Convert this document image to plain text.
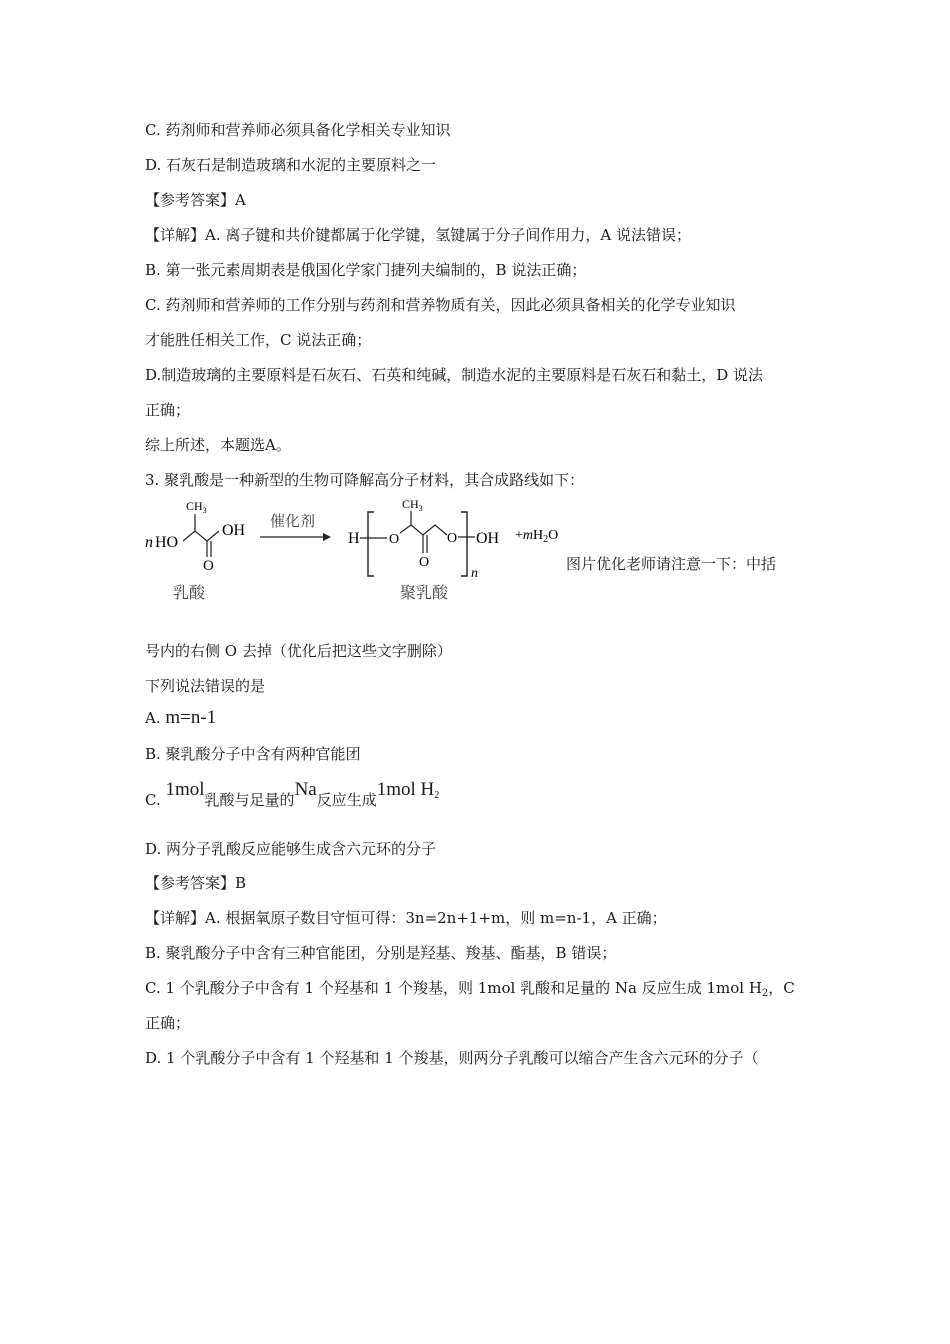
C. 药剂师和营养师必须具备化学相关专业知识
D. 石灰石是制造玻璃和水泥的主要原料之一
【参考答案】A
【详解】A. 离子键和共价键都属于化学键，氢键属于分子间作用力，A 说法错误；
B. 第一张元素周期表是俄国化学家门捷列夫编制的，B 说法正确；
C. 药剂师和营养师的工作分别与药剂和营养物质有关，因此必须具备相关的化学专业知识
才能胜任相关工作，C 说法正确；
D.制造玻璃的主要原料是石灰石、石英和纯碱，制造水泥的主要原料是石灰石和黏土，D 说法
正确；
综上所述，本题选A。
3. 聚乳酸是一种新型的生物可降解高分子材料，其合成路线如下：
n HO
$CH_3$
O
OH
乳酸
催化剂
H O
$CH_3$
O
O OH
n
$+mH_2O$
聚乳酸
图片优化老师请注意一下：中括
号内的右侧 O 去掉（优化后把这些文字删除）
下列说法错误的是
A. m=n-1
B. 聚乳酸分子中含有两种官能团
C. 1mol乳酸与足量的Na反应生成1mol $H_2$
D. 两分子乳酸反应能够生成含六元环的分子
【参考答案】B
【详解】A. 根据氧原子数目守恒可得：3n=2n+1+m，则 m=n-1，A 正确；
B. 聚乳酸分子中含有三种官能团，分别是羟基、羧基、酯基，B 错误；
C. 1 个乳酸分子中含有 1 个羟基和 1 个羧基，则 1mol 乳酸和足量的 Na 反应生成 1mol $H_2$，C
正确；
D. 1 个乳酸分子中含有 1 个羟基和 1 个羧基，则两分子乳酸可以缩合产生含六元环的分子（
